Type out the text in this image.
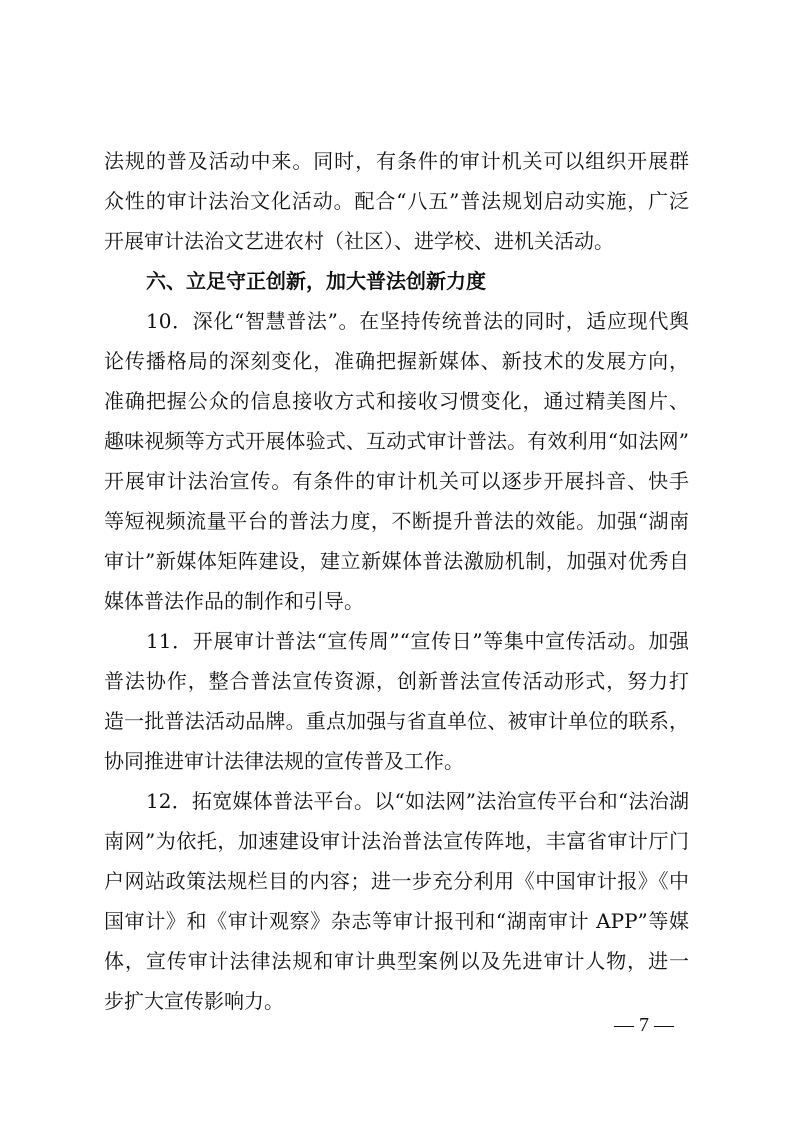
法规的普及活动中来。同时，有条件的审计机关可以组织开展群
众性的审计法治文化活动。配合“八五”普法规划启动实施，广泛
开展审计法治文艺进农村（社区）、进学校、进机关活动。
六、立足守正创新，加大普法创新力度
10．深化“智慧普法”。在坚持传统普法的同时，适应现代舆
论传播格局的深刻变化，准确把握新媒体、新技术的发展方向，
准确把握公众的信息接收方式和接收习惯变化，通过精美图片、
趣味视频等方式开展体验式、互动式审计普法。有效利用“如法网”
开展审计法治宣传。有条件的审计机关可以逐步开展抖音、快手
等短视频流量平台的普法力度，不断提升普法的效能。加强“湖南
审计”新媒体矩阵建设，建立新媒体普法激励机制，加强对优秀自
媒体普法作品的制作和引导。
11．开展审计普法“宣传周”“宣传日”等集中宣传活动。加强
普法协作，整合普法宣传资源，创新普法宣传活动形式，努力打
造一批普法活动品牌。重点加强与省直单位、被审计单位的联系，
协同推进审计法律法规的宣传普及工作。
12．拓宽媒体普法平台。以“如法网”法治宣传平台和“法治湖
南网”为依托，加速建设审计法治普法宣传阵地，丰富省审计厅门
户网站政策法规栏目的内容；进一步充分利用《中国审计报》《中
国审计》和《审计观察》杂志等审计报刊和“湖南审计 APP”等媒
体，宣传审计法律法规和审计典型案例以及先进审计人物，进一
步扩大宣传影响力。
— 7 —
